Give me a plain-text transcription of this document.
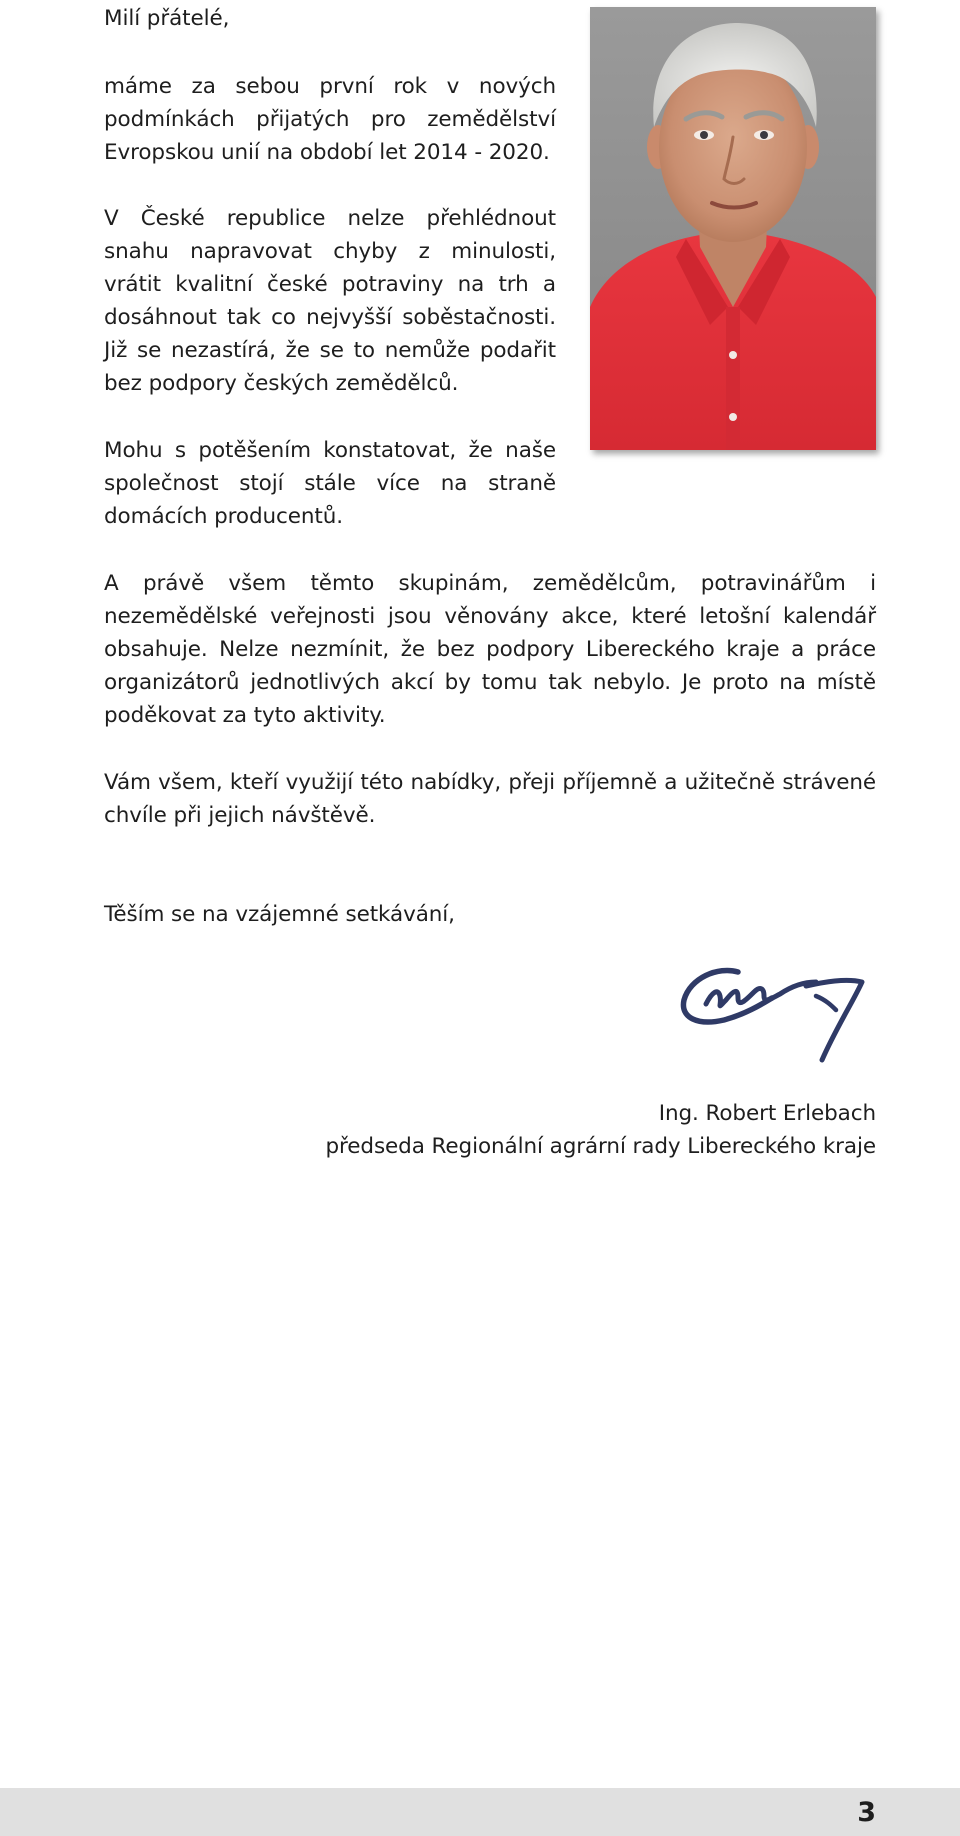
Milí přátelé,

máme za sebou první rok v nových podmínkách přijatých pro zemědělství Evropskou unií na období let 2014 - 2020.

V České republice nelze přehlédnout snahu napravovat chyby z minulosti, vrátit kvalitní české potraviny na trh a dosáhnout tak co nejvyšší soběstačnosti. Již se nezastírá, že se to nemůže podařit bez podpory českých zemědělců.

Mohu s potěšením konstatovat, že naše společnost stojí stále více na straně domácích producentů.

A právě všem těmto skupinám, zemědělcům, potravinářům i nezemědělské veřejnosti jsou věnovány akce, které letošní kalendář obsahuje. Nelze nezmínit, že bez podpory Libereckého kraje a práce organizátorů jednotlivých akcí by tomu tak nebylo. Je proto na místě poděkovat za tyto aktivity.

Vám všem, kteří využijí této nabídky, přeji příjemně a užitečně strávené chvíle při jejich návštěvě.

Těším se na vzájemné setkávání,

Ing. Robert Erlebach

předseda Regionální agrární rady Libereckého kraje

3
